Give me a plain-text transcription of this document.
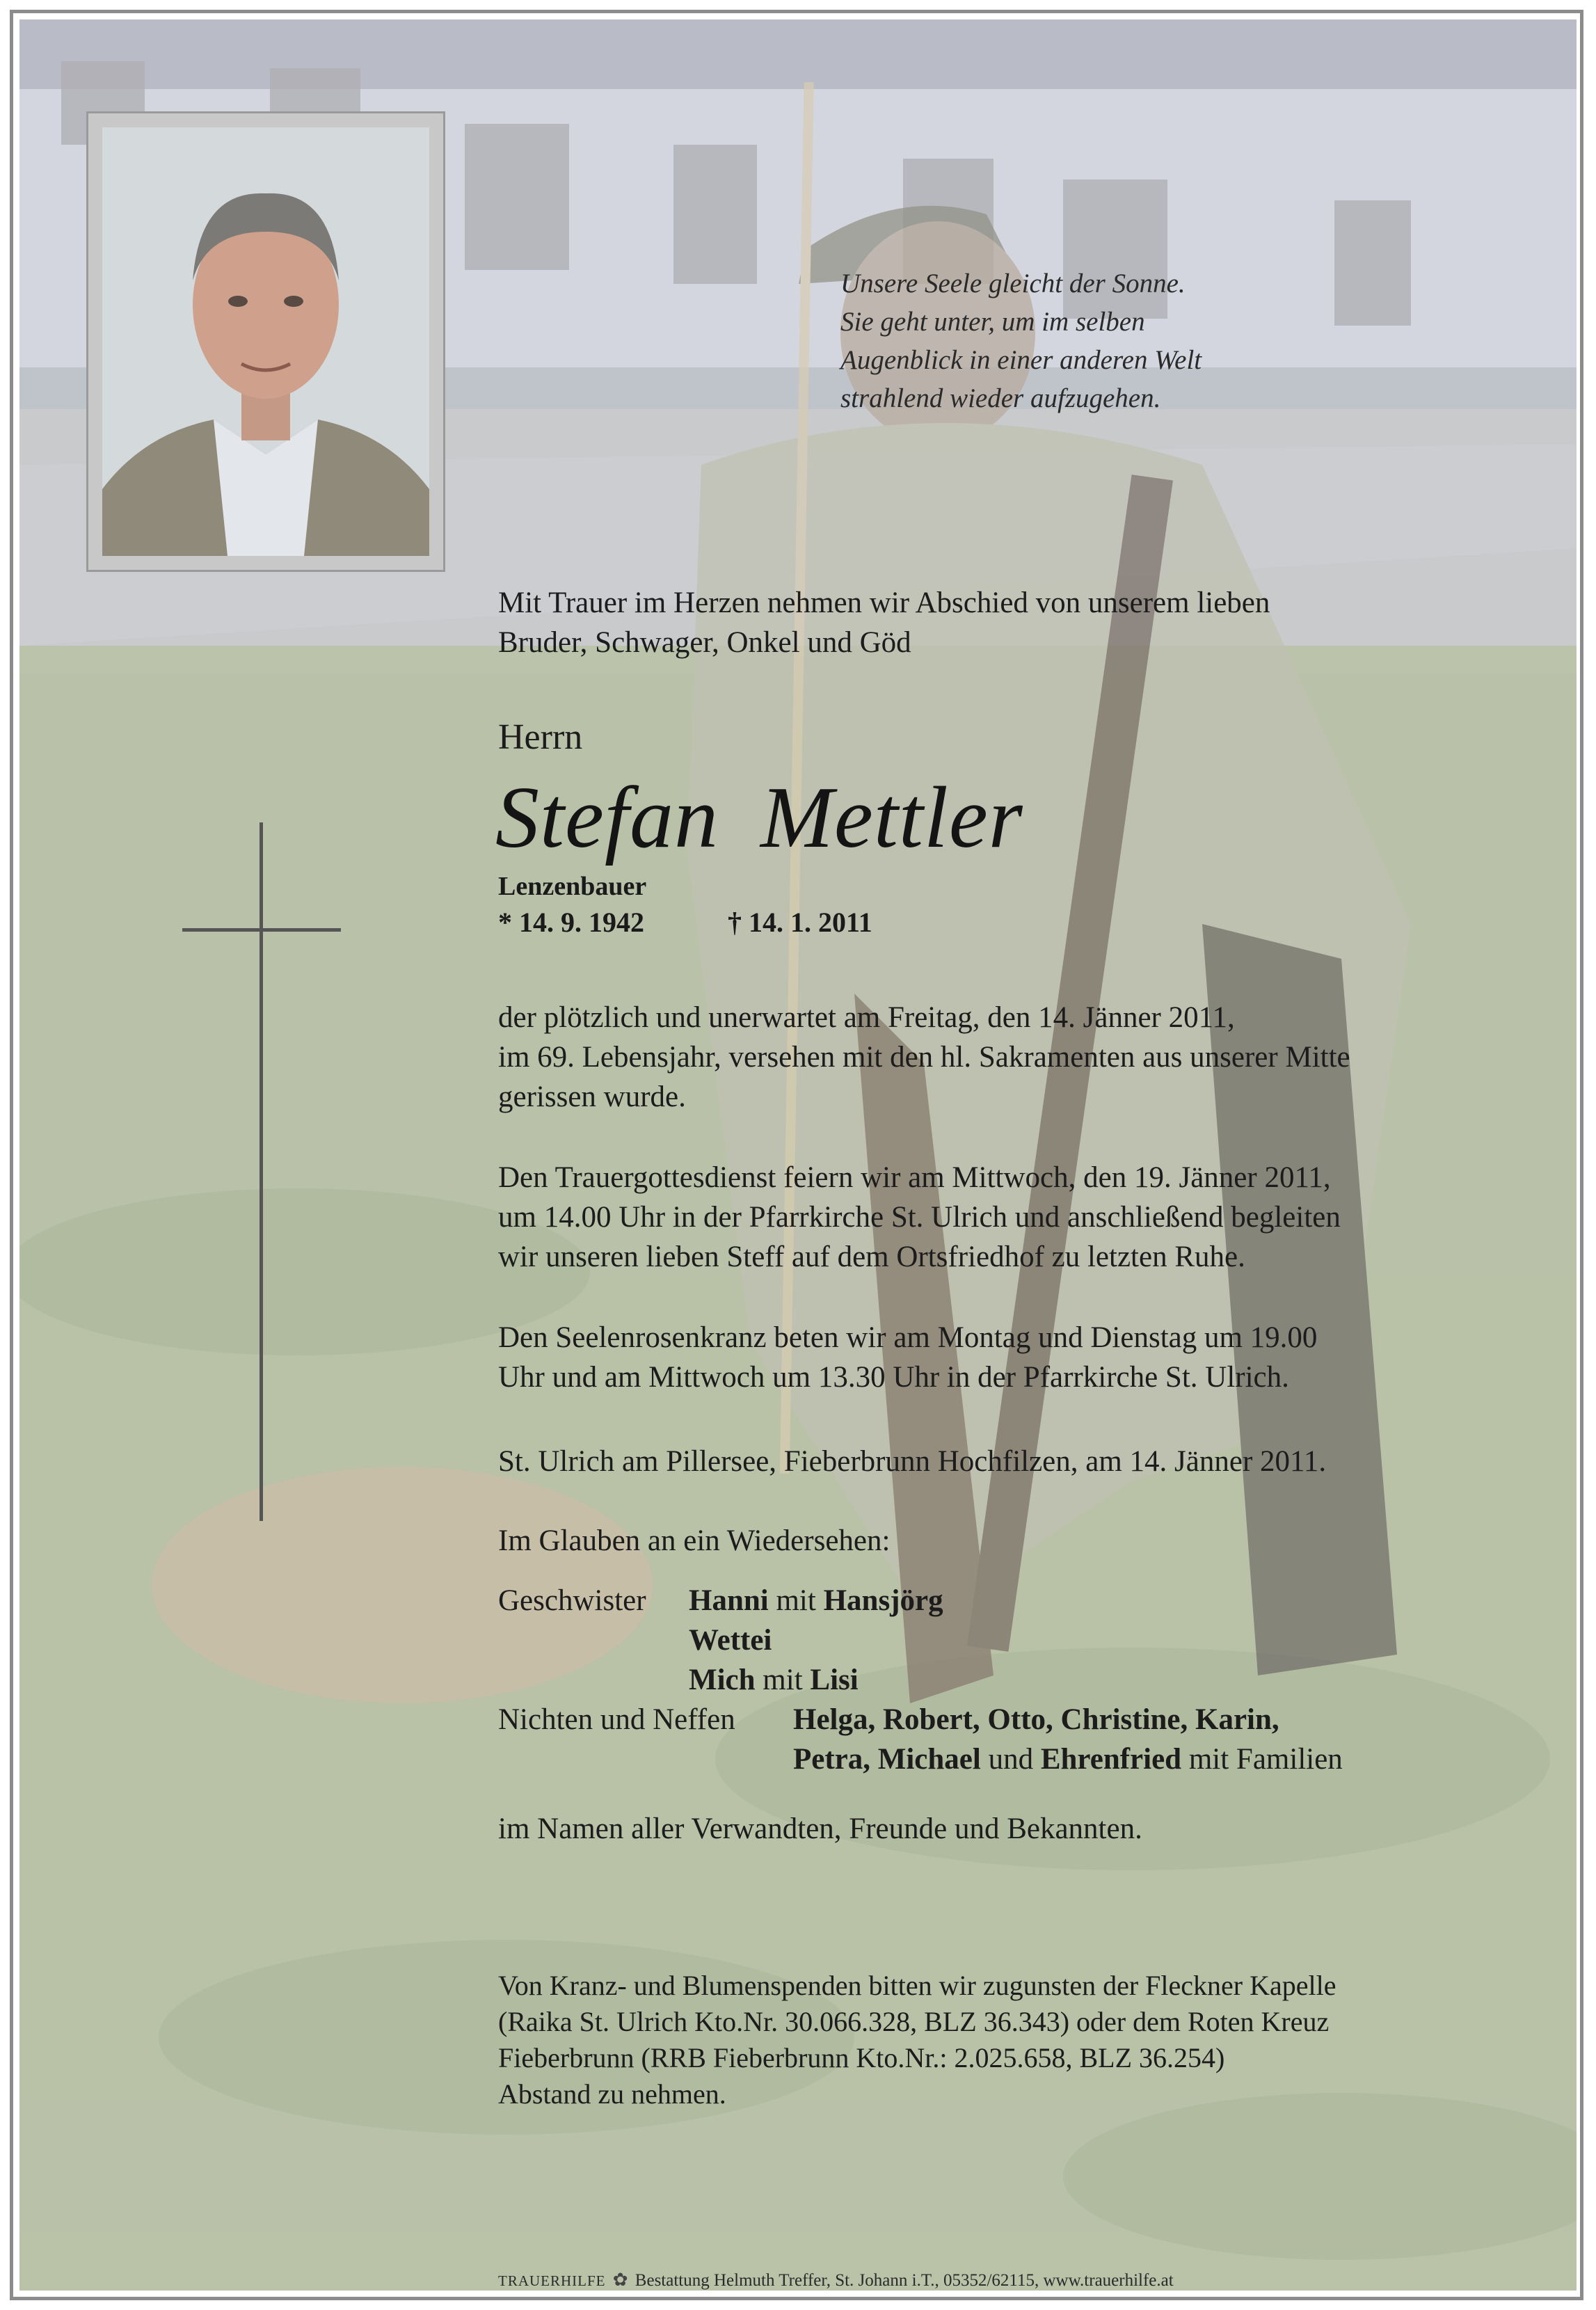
Unsere Seele gleicht der Sonne.
Sie geht unter, um im selben
Augenblick in einer anderen Welt
strahlend wieder aufzugehen.
Mit Trauer im Herzen nehmen wir Abschied von unserem lieben
Bruder, Schwager, Onkel und Göd
Herrn
Stefan Mettler
Lenzenbauer
* 14. 9. 1942	† 14. 1. 2011
der plötzlich und unerwartet am Freitag, den 14. Jänner 2011,
im 69. Lebensjahr, versehen mit den hl. Sakramenten aus unserer Mitte
gerissen wurde.
Den Trauergottesdienst feiern wir am Mittwoch, den 19. Jänner 2011,
um 14.00 Uhr in der Pfarrkirche St. Ulrich und anschließend begleiten
wir unseren lieben Steff auf dem Ortsfriedhof zu letzten Ruhe.
Den Seelenrosenkranz beten wir am Montag und Dienstag um 19.00
Uhr und am Mittwoch um 13.30 Uhr in der Pfarrkirche St. Ulrich.
St. Ulrich am Pillersee, Fieberbrunn Hochfilzen, am 14. Jänner 2011.
Im Glauben an ein Wiedersehen:
Geschwister Hanni mit Hansjörg
Wettei
Mich mit Lisi
Nichten und Neffen Helga, Robert, Otto, Christine, Karin,
Petra, Michael und Ehrenfried mit Familien
im Namen aller Verwandten, Freunde und Bekannten.
Von Kranz- und Blumenspenden bitten wir zugunsten der Fleckner Kapelle
(Raika St. Ulrich Kto.Nr. 30.066.328, BLZ 36.343) oder dem Roten Kreuz
Fieberbrunn (RRB Fieberbrunn Kto.Nr.: 2.025.658, BLZ 36.254)
Abstand zu nehmen.
TRAUERHILFE ✿ Bestattung Helmuth Treffer, St. Johann i.T., 05352/62115, www.trauerhilfe.at
